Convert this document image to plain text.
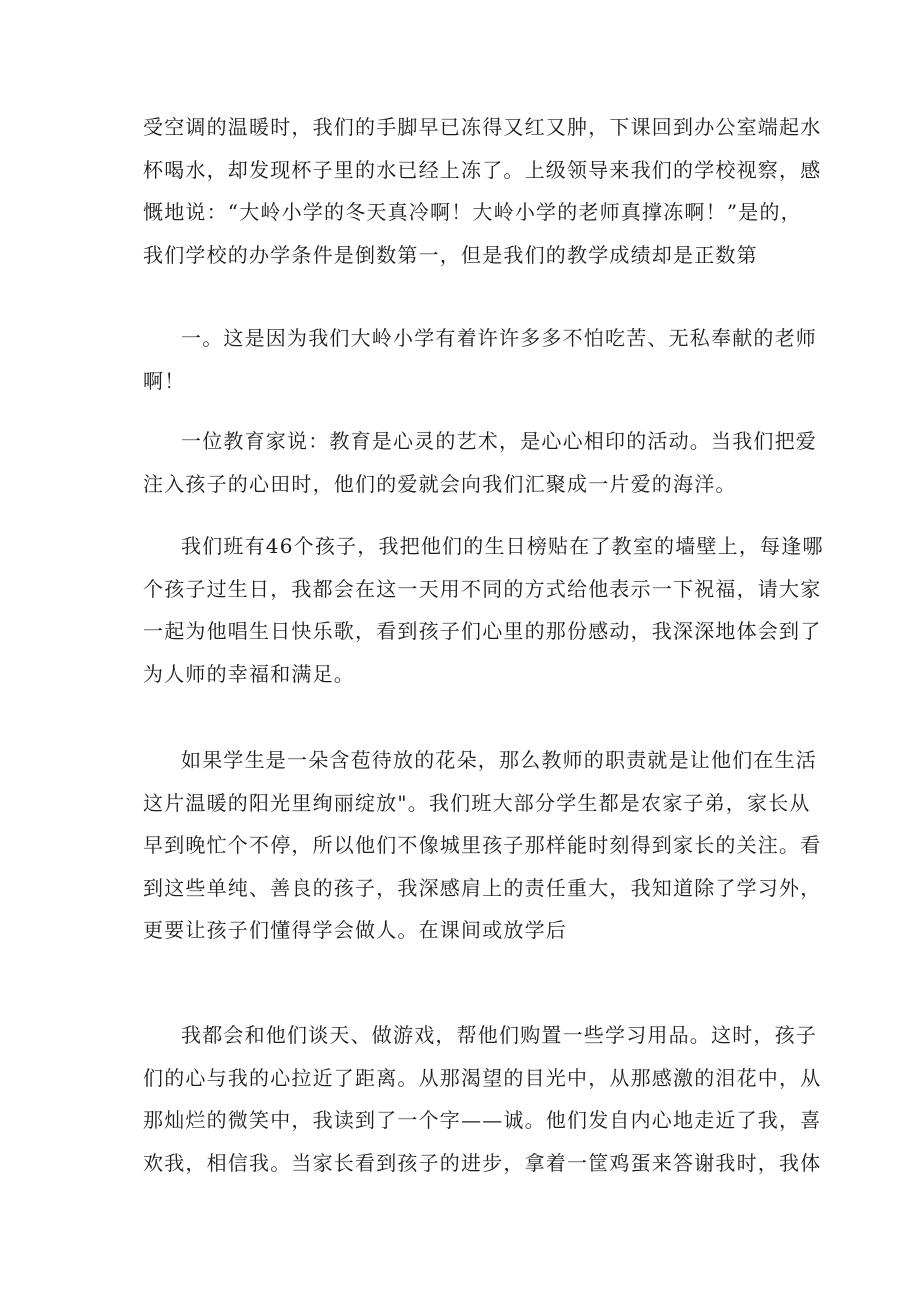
受空调的温暖时，我们的手脚早已冻得又红又肿，下课回到办公室端起水
杯喝水，却发现杯子里的水已经上冻了。上级领导来我们的学校视察，感
慨地说：“大岭小学的冬天真冷啊！大岭小学的老师真撑冻啊！”是的，
我们学校的办学条件是倒数第一，但是我们的教学成绩却是正数第
一。这是因为我们大岭小学有着许许多多不怕吃苦、无私奉献的老师
啊！
一位教育家说：教育是心灵的艺术，是心心相印的活动。当我们把爱
注入孩子的心田时，他们的爱就会向我们汇聚成一片爱的海洋。
我们班有46个孩子，我把他们的生日榜贴在了教室的墙壁上，每逢哪
个孩子过生日，我都会在这一天用不同的方式给他表示一下祝福，请大家
一起为他唱生日快乐歌，看到孩子们心里的那份感动，我深深地体会到了
为人师的幸福和满足。
如果学生是一朵含苞待放的花朵，那么教师的职责就是让他们在生活
这片温暖的阳光里绚丽绽放"。我们班大部分学生都是农家子弟，家长从
早到晚忙个不停，所以他们不像城里孩子那样能时刻得到家长的关注。看
到这些单纯、善良的孩子，我深感肩上的责任重大，我知道除了学习外，
更要让孩子们懂得学会做人。在课间或放学后
我都会和他们谈天、做游戏，帮他们购置一些学习用品。这时，孩子
们的心与我的心拉近了距离。从那渴望的目光中，从那感激的泪花中，从
那灿烂的微笑中，我读到了一个字——诚。他们发自内心地走近了我，喜
欢我，相信我。当家长看到孩子的进步，拿着一筐鸡蛋来答谢我时，我体
